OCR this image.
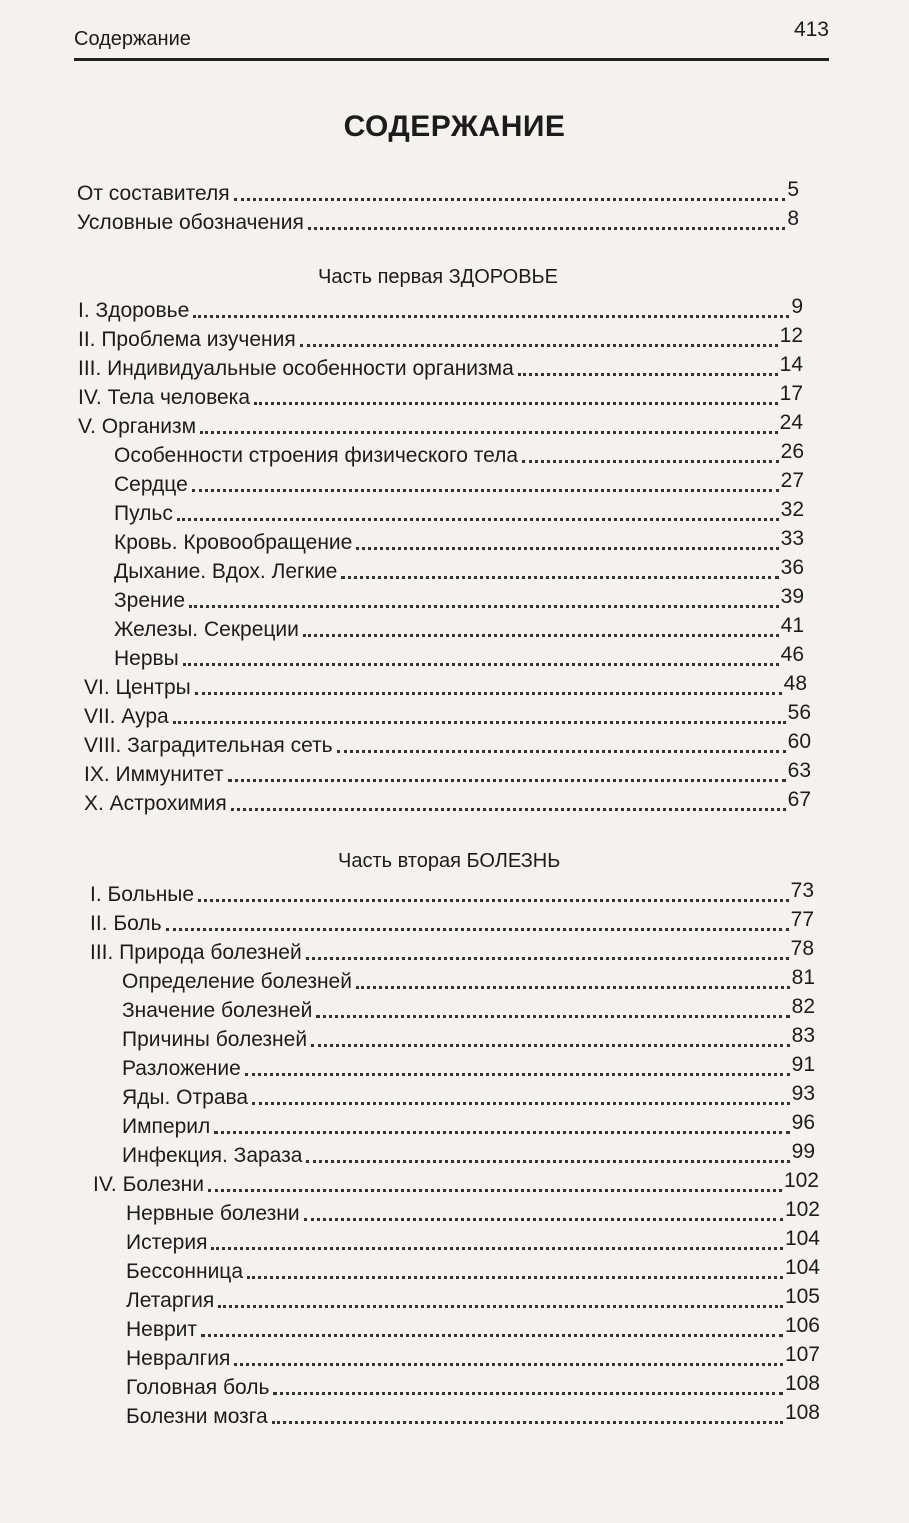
Содержание	413
СОДЕРЖАНИЕ
От составителя	5
Условные обозначения	8
Часть первая ЗДОРОВЬЕ
I. Здоровье	9
II. Проблема изучения	12
III. Индивидуальные особенности организма	14
IV. Тела человека	17
V. Организм	24
Особенности строения физического тела	26
Сердце	27
Пульс	32
Кровь. Кровообращение	33
Дыхание. Вдох. Легкие	36
Зрение	39
Железы. Секреции	41
Нервы	46
VI. Центры	48
VII. Аура	56
VIII. Заградительная сеть	60
IX. Иммунитет	63
X. Астрохимия	67
Часть вторая БОЛЕЗНЬ
I. Больные	73
II. Боль	77
III. Природа болезней	78
Определение болезней	81
Значение болезней	82
Причины болезней	83
Разложение	91
Яды. Отрава	93
Империл	96
Инфекция. Зараза	99
IV. Болезни	102
Нервные болезни	102
Истерия	104
Бессонница	104
Летаргия	105
Неврит	106
Невралгия	107
Головная боль	108
Болезни мозга	108
